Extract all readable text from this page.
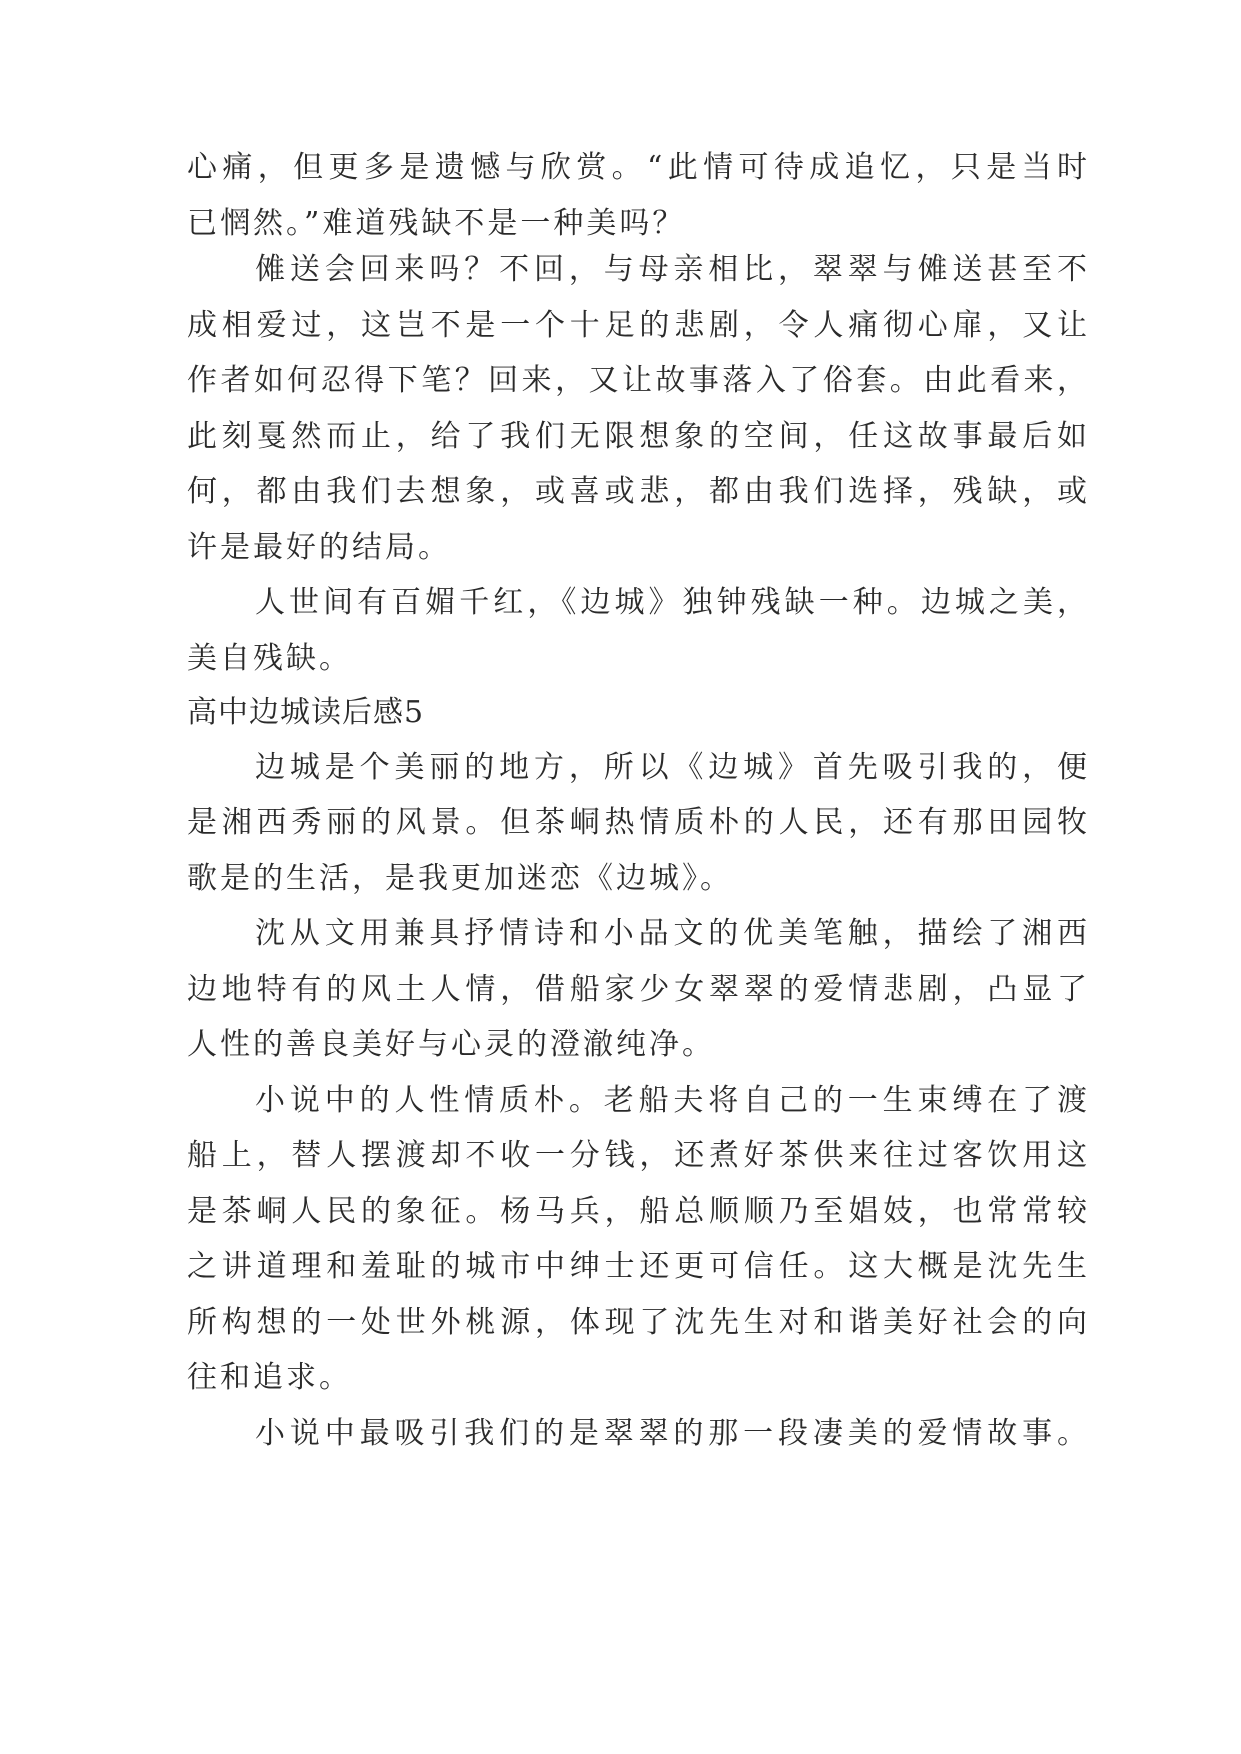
心痛，但更多是遗憾与欣赏。“此情可待成追忆，只是当时
已惘然。”难道残缺不是一种美吗？
傩送会回来吗？不回，与母亲相比，翠翠与傩送甚至不
成相爱过，这岂不是一个十足的悲剧，令人痛彻心扉，又让
作者如何忍得下笔？回来，又让故事落入了俗套。由此看来，
此刻戛然而止，给了我们无限想象的空间，任这故事最后如
何，都由我们去想象，或喜或悲，都由我们选择，残缺，或
许是最好的结局。
人世间有百媚千红，《边城》独钟残缺一种。边城之美，
美自残缺。
高中边城读后感5
边城是个美丽的地方，所以《边城》首先吸引我的，便
是湘西秀丽的风景。但茶峒热情质朴的人民，还有那田园牧
歌是的生活，是我更加迷恋《边城》。
沈从文用兼具抒情诗和小品文的优美笔触，描绘了湘西
边地特有的风土人情，借船家少女翠翠的爱情悲剧，凸显了
人性的善良美好与心灵的澄澈纯净。
小说中的人性情质朴。老船夫将自己的一生束缚在了渡
船上，替人摆渡却不收一分钱，还煮好茶供来往过客饮用这
是茶峒人民的象征。杨马兵，船总顺顺乃至娼妓，也常常较
之讲道理和羞耻的城市中绅士还更可信任。这大概是沈先生
所构想的一处世外桃源，体现了沈先生对和谐美好社会的向
往和追求。
小说中最吸引我们的是翠翠的那一段凄美的爱情故事。
